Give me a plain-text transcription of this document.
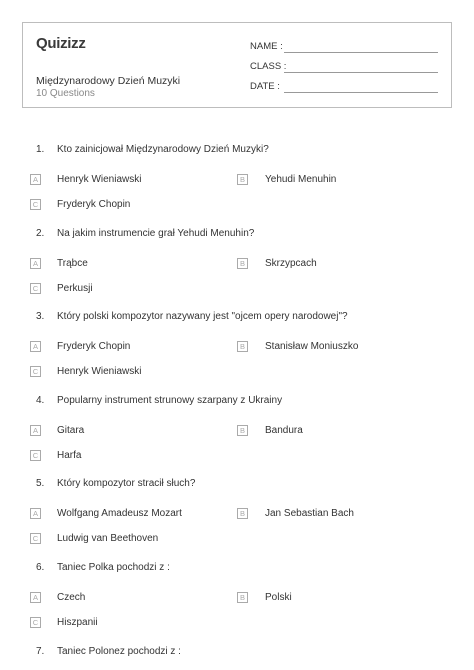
Quizizz
Międzynarodowy Dzień Muzyki
10 Questions
NAME :
CLASS :
DATE :
1. Kto zainicjował Międzynarodowy Dzień Muzyki?
A	Henryk Wieniawski	B	Yehudi Menuhin
C Fryderyk Chopin
2. Na jakim instrumencie grał Yehudi Menuhin?
A	Trąbce	B	Skrzypcach
C Perkusji
3. Który polski kompozytor nazywany jest "ojcem opery narodowej"?
A	Fryderyk Chopin	B	Stanisław Moniuszko
C Henryk Wieniawski
4. Popularny instrument strunowy szarpany z Ukrainy
A	Gitara	B	Bandura
C Harfa
5. Który kompozytor stracił słuch?
A	Wolfgang Amadeusz Mozart	B	Jan Sebastian Bach
C Ludwig van Beethoven
6. Taniec Polka pochodzi z :
A	Czech	B	Polski
C Hiszpanii
7. Taniec Polonez pochodzi z :
